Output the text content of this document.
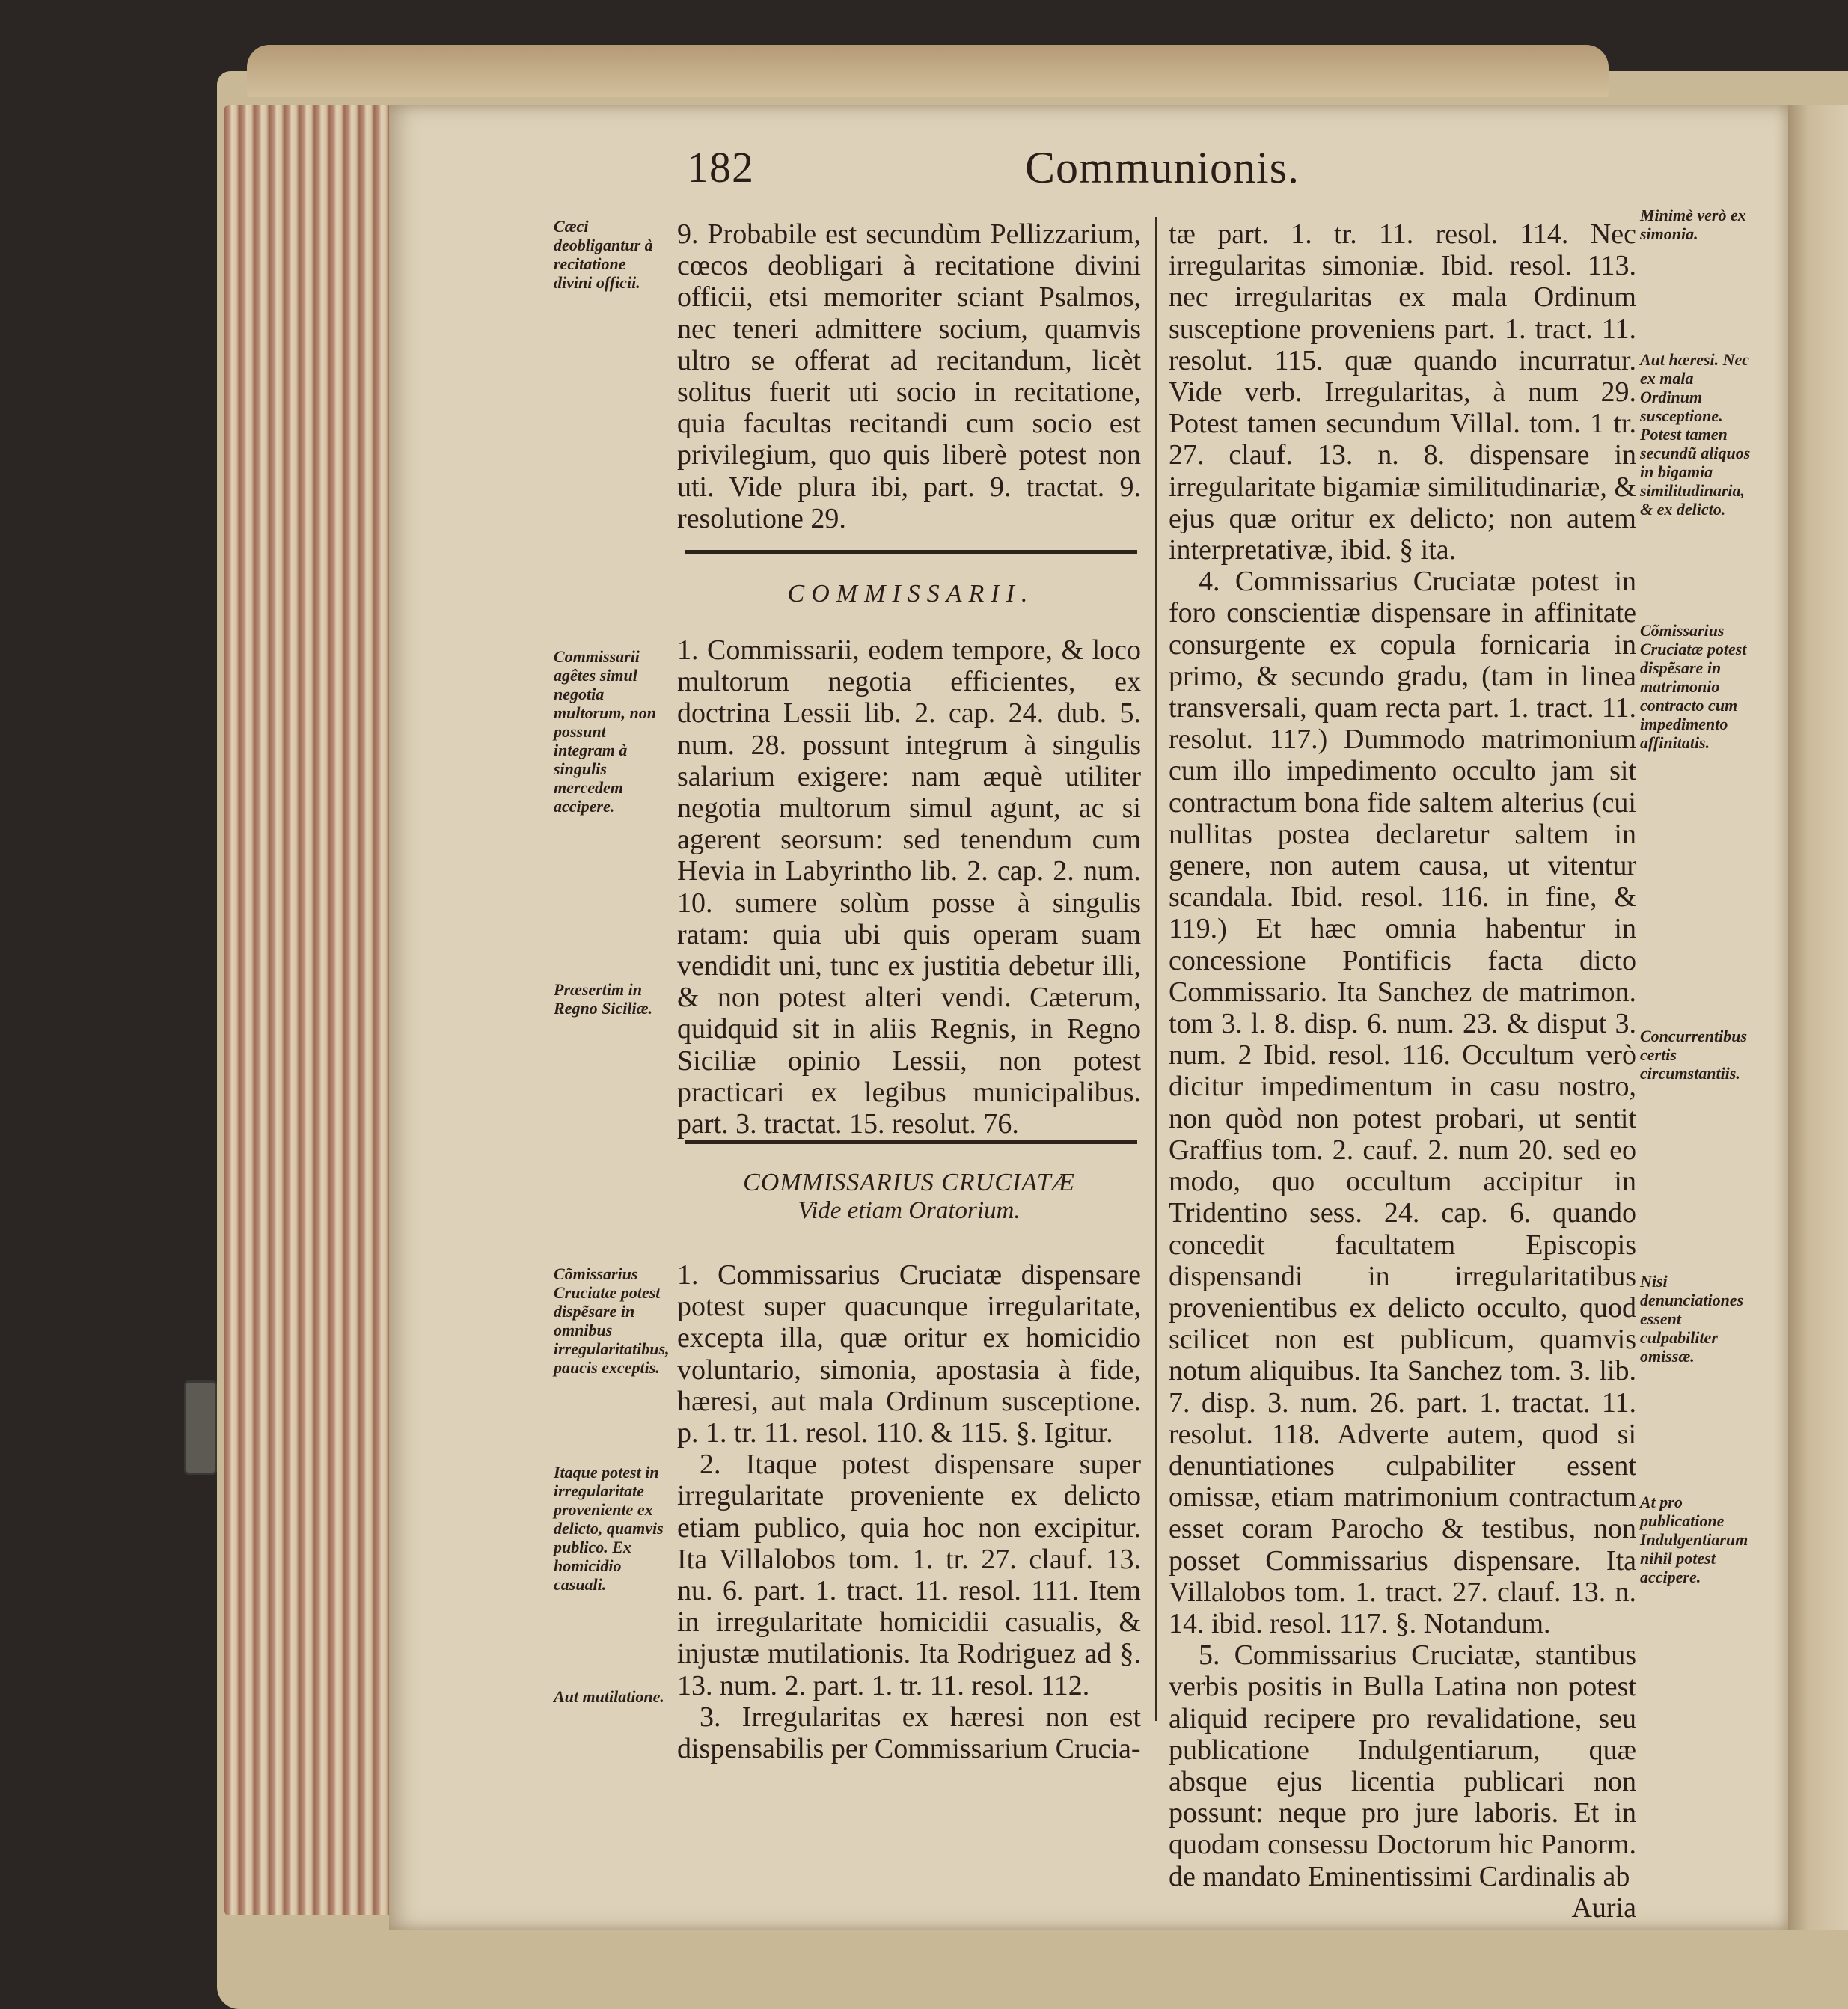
182	Communionis.

9. Probabile est secundùm Pellizzarium, cœcos deobligari à recitatione divini officii, etsi memoriter sciant Psalmos, nec teneri admittere socium, quamvis ultro se offerat ad recitandum, licèt solitus fuerit uti socio in recitatione, quia facultas recitandi cum socio est privilegium, quo quis liberè potest non uti. Vide plura ibi, part. 9. tractat. 9. resolutione 29.

COMMISSARII.

1. Commissarii, eodem tempore, & loco multorum negotia efficientes, ex doctrina Lessii lib. 2. cap. 24. dub. 5. num. 28. possunt integrum à singulis salarium exigere: nam æquè utiliter negotia multorum simul agunt, ac si agerent seorsum: sed tenendum cum Hevia in Labyrintho lib. 2. cap. 2. num. 10. sumere solùm posse à singulis ratam: quia ubi quis operam suam vendidit uni, tunc ex justitia debetur illi, & non potest alteri vendi. Cæterum, quidquid sit in aliis Regnis, in Regno Siciliæ opinio Lessii, non potest practicari ex legibus municipalibus. part. 3. tractat. 15. resolut. 76.

COMMISSARIUS CRUCIATÆ
Vide etiam Oratorium.

1. Commissarius Cruciatæ dispensare potest super quacunque irregularitate, excepta illa, quæ oritur ex homicidio voluntario, simonia, apostasia à fide, hæresi, aut mala Ordinum susceptione. p. 1. tr. 11. resol. 110. & 115. §. Igitur.

2. Itaque potest dispensare super irregularitate proveniente ex delicto etiam publico, quia hoc non excipitur. Ita Villalobos tom. 1. tr. 27. clauf. 13. nu. 6. part. 1. tract. 11. resol. 111. Item in irregularitate homicidii casualis, & injustæ mutilationis. Ita Rodriguez ad §. 13. num. 2. part. 1. tr. 11. resol. 112.

3. Irregularitas ex hæresi non est dispensabilis per Commissarium Crucia-

tæ part. 1. tr. 11. resol. 114. Nec irregularitas simoniæ. Ibid. resol. 113. nec irregularitas ex mala Ordinum susceptione proveniens part. 1. tract. 11. resolut. 115. quæ quando incurratur. Vide verb. Irregularitas, à num 29. Potest tamen secundum Villal. tom. 1 tr. 27. clauf. 13. n. 8. dispensare in irregularitate bigamiæ similitudinariæ, & ejus quæ oritur ex delicto; non autem interpretativæ, ibid. § ita.

4. Commissarius Cruciatæ potest in foro conscientiæ dispensare in affinitate consurgente ex copula fornicaria in primo, & secundo gradu, (tam in linea transversali, quam recta part. 1. tract. 11. resolut. 117.) Dummodo matrimonium cum illo impedimento occulto jam sit contractum bona fide saltem alterius (cui nullitas postea declaretur saltem in genere, non autem causa, ut vitentur scandala. Ibid. resol. 116. in fine, & 119.) Et hæc omnia habentur in concessione Pontificis facta dicto Commissario. Ita Sanchez de matrimon. tom 3. l. 8. disp. 6. num. 23. & disput 3. num. 2 Ibid. resol. 116. Occultum verò dicitur impedimentum in casu nostro, non quòd non potest probari, ut sentit Graffius tom. 2. cauf. 2. num 20. sed eo modo, quo occultum accipitur in Tridentino sess. 24. cap. 6. quando concedit facultatem Episcopis dispensandi in irregularitatibus provenientibus ex delicto occulto, quod scilicet non est publicum, quamvis notum aliquibus. Ita Sanchez tom. 3. lib. 7. disp. 3. num. 26. part. 1. tractat. 11. resolut. 118. Adverte autem, quod si denuntiationes culpabiliter essent omissæ, etiam matrimonium contractum esset coram Parocho & testibus, non posset Commissarius dispensare. Ita Villalobos tom. 1. tract. 27. clauf. 13. n. 14. ibid. resol. 117. §. Notandum.

5. Commissarius Cruciatæ, stantibus verbis positis in Bulla Latina non potest aliquid recipere pro revalidatione, seu publicatione Indulgentiarum, quæ absque ejus licentia publicari non possunt: neque pro jure laboris. Et in quodam consessu Doctorum hic Panorm. de mandato Eminentissimi Cardinalis ab

Auria

Cæci deobligantur à recitatione divini officii.
Commissarii agêtes simul negotia multorum, non possunt integram à singulis mercedem accipere.
Præsertim in Regno Siciliæ.
Cõmissarius Cruciatæ potest dispẽsare in omnibus irregularitatibus, paucis exceptis.
Itaque potest in irregularitate proveniente ex delicto, quamvis publico. Ex homicidio casuali.
Aut mutilatione.
Minimè verò ex simonia.
Aut hæresi. Nec ex mala Ordinum susceptione. Potest tamen secundũ aliquos in bigamia similitudinaria, & ex delicto.
Cõmissarius Cruciatæ potest dispẽsare in matrimonio contracto cum impedimento affinitatis.
Concurrentibus certis circumstantiis.
Nisi denunciationes essent culpabiliter omissæ.
At pro publicatione Indulgentiarum nihil potest accipere.
